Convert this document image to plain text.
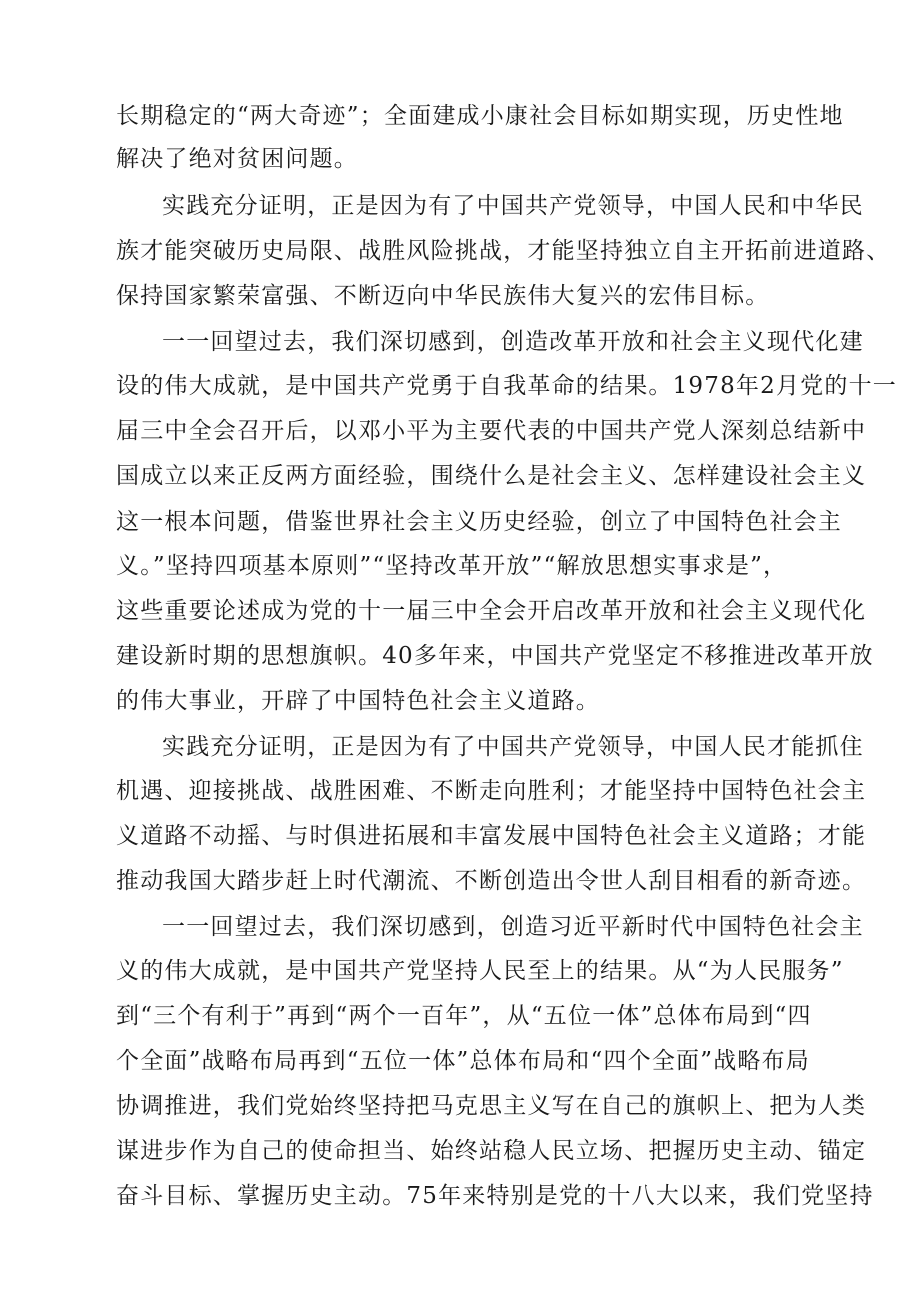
长期稳定的“两大奇迹”；全面建成小康社会目标如期实现，历史性地
解决了绝对贫困问题。
实践充分证明，正是因为有了中国共产党领导，中国人民和中华民
族才能突破历史局限、战胜风险挑战，才能坚持独立自主开拓前进道路、
保持国家繁荣富强、不断迈向中华民族伟大复兴的宏伟目标。
一一回望过去，我们深切感到，创造改革开放和社会主义现代化建
设的伟大成就，是中国共产党勇于自我革命的结果。1978年2月党的十一
届三中全会召开后，以邓小平为主要代表的中国共产党人深刻总结新中
国成立以来正反两方面经验，围绕什么是社会主义、怎样建设社会主义
这一根本问题，借鉴世界社会主义历史经验，创立了中国特色社会主
义。”坚持四项基本原则”“坚持改革开放”“解放思想实事求是”，
这些重要论述成为党的十一届三中全会开启改革开放和社会主义现代化
建设新时期的思想旗帜。40多年来，中国共产党坚定不移推进改革开放
的伟大事业，开辟了中国特色社会主义道路。
实践充分证明，正是因为有了中国共产党领导，中国人民才能抓住
机遇、迎接挑战、战胜困难、不断走向胜利；才能坚持中国特色社会主
义道路不动摇、与时俱进拓展和丰富发展中国特色社会主义道路；才能
推动我国大踏步赶上时代潮流、不断创造出令世人刮目相看的新奇迹。
一一回望过去，我们深切感到，创造习近平新时代中国特色社会主
义的伟大成就，是中国共产党坚持人民至上的结果。从“为人民服务”
到“三个有利于”再到“两个一百年”，从“五位一体”总体布局到“四
个全面”战略布局再到“五位一体”总体布局和“四个全面”战略布局
协调推进，我们党始终坚持把马克思主义写在自己的旗帜上、把为人类
谋进步作为自己的使命担当、始终站稳人民立场、把握历史主动、锚定
奋斗目标、掌握历史主动。75年来特别是党的十八大以来，我们党坚持
